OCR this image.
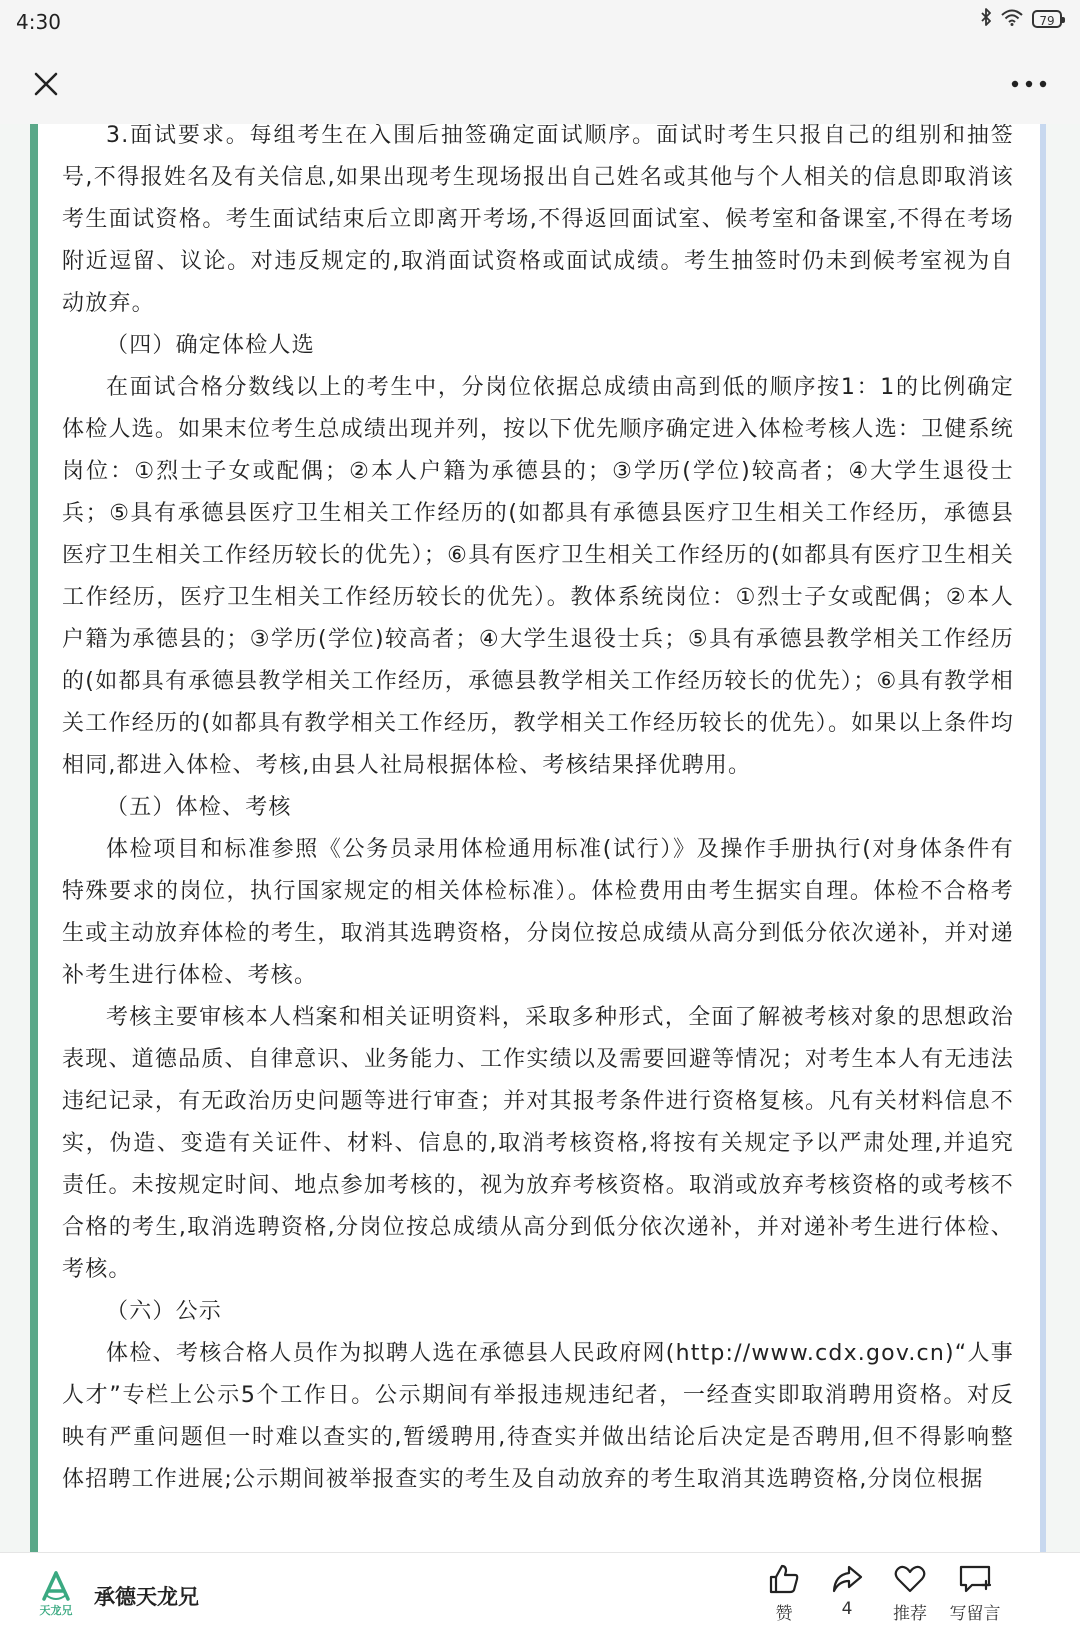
4:30	79

3.面试要求。每组考生在入围后抽签确定面试顺序。面试时考生只报自己的组别和抽签号,不得报姓名及有关信息,如果出现考生现场报出自己姓名或其他与个人相关的信息即取消该考生面试资格。考生面试结束后立即离开考场,不得返回面试室、候考室和备课室,不得在考场附近逗留、议论。对违反规定的,取消面试资格或面试成绩。考生抽签时仍未到候考室视为自动放弃。

（四）确定体检人选

在面试合格分数线以上的考生中，分岗位依据总成绩由高到低的顺序按1：1的比例确定体检人选。如果末位考生总成绩出现并列，按以下优先顺序确定进入体检考核人选：卫健系统岗位：①烈士子女或配偶；②本人户籍为承德县的；③学历(学位)较高者；④大学生退役士兵；⑤具有承德县医疗卫生相关工作经历的(如都具有承德县医疗卫生相关工作经历，承德县医疗卫生相关工作经历较长的优先）；⑥具有医疗卫生相关工作经历的(如都具有医疗卫生相关工作经历，医疗卫生相关工作经历较长的优先）。教体系统岗位：①烈士子女或配偶；②本人户籍为承德县的；③学历(学位)较高者；④大学生退役士兵；⑤具有承德县教学相关工作经历的(如都具有承德县教学相关工作经历，承德县教学相关工作经历较长的优先）；⑥具有教学相关工作经历的(如都具有教学相关工作经历，教学相关工作经历较长的优先）。如果以上条件均相同,都进入体检、考核,由县人社局根据体检、考核结果择优聘用。

（五）体检、考核

体检项目和标准参照《公务员录用体检通用标准(试行）》及操作手册执行(对身体条件有特殊要求的岗位，执行国家规定的相关体检标准）。体检费用由考生据实自理。体检不合格考生或主动放弃体检的考生，取消其选聘资格，分岗位按总成绩从高分到低分依次递补，并对递补考生进行体检、考核。

考核主要审核本人档案和相关证明资料，采取多种形式，全面了解被考核对象的思想政治表现、道德品质、自律意识、业务能力、工作实绩以及需要回避等情况；对考生本人有无违法违纪记录，有无政治历史问题等进行审查；并对其报考条件进行资格复核。凡有关材料信息不实，伪造、变造有关证件、材料、信息的,取消考核资格,将按有关规定予以严肃处理,并追究责任。未按规定时间、地点参加考核的，视为放弃考核资格。取消或放弃考核资格的或考核不合格的考生,取消选聘资格,分岗位按总成绩从高分到低分依次递补，并对递补考生进行体检、考核。

（六）公示

体检、考核合格人员作为拟聘人选在承德县人民政府网(http://www.cdx.gov.cn)“人事人才”专栏上公示5个工作日。公示期间有举报违规违纪者，一经查实即取消聘用资格。对反映有严重问题但一时难以查实的,暂缓聘用,待查实并做出结论后决定是否聘用,但不得影响整体招聘工作进展;公示期间被举报查实的考生及自动放弃的考生取消其选聘资格,分岗位根据

天龙兄
承德天龙兄
赞	4	推荐	写留言
